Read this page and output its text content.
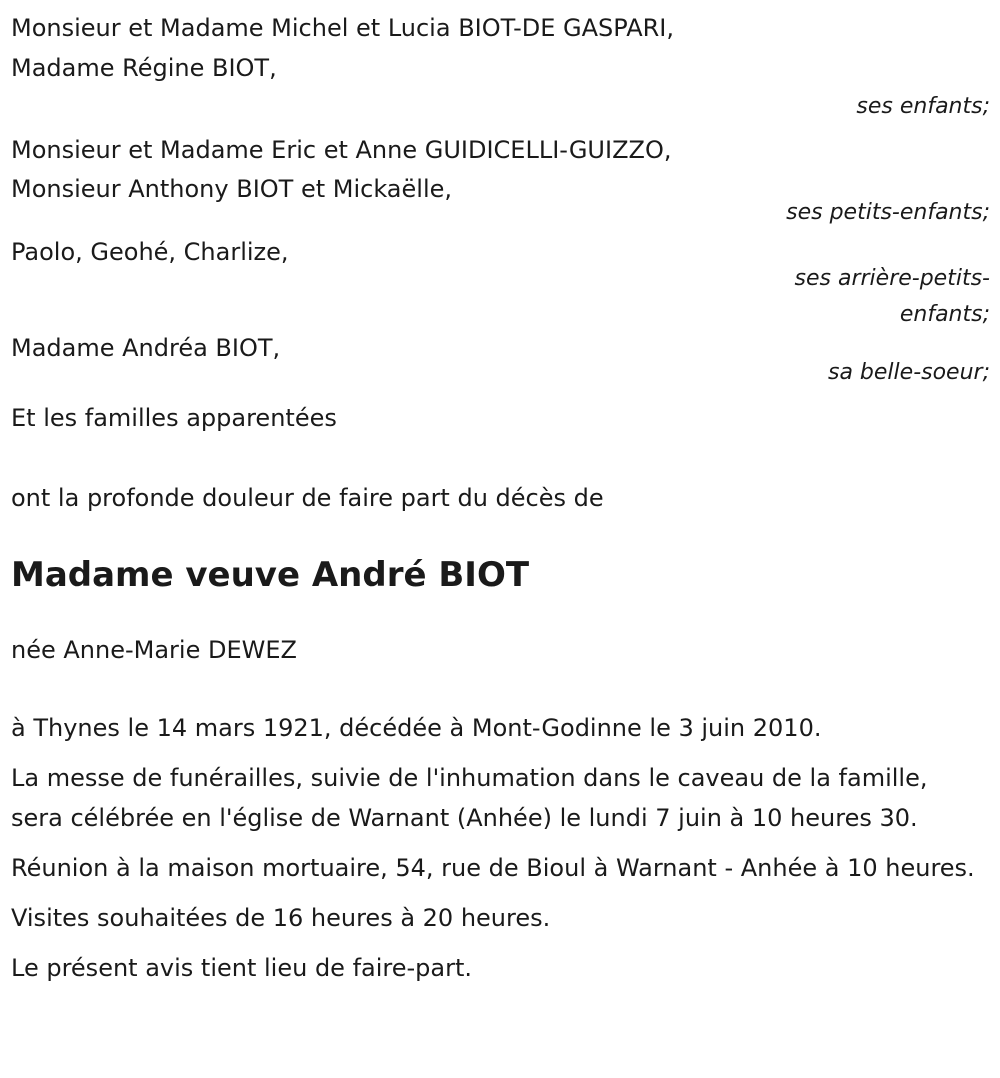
Monsieur et Madame Michel et Lucia BIOT-DE GASPARI,
Madame Régine BIOT,
ses enfants;
Monsieur et Madame Eric et Anne GUIDICELLI-GUIZZO,
Monsieur Anthony BIOT et Mickaëlle,
ses petits-enfants;
Paolo, Geohé, Charlize,
ses arrière-petits-
enfants;
Madame Andréa BIOT,
sa belle-soeur;
Et les familles apparentées
ont la profonde douleur de faire part du décès de
Madame veuve André BIOT
née Anne-Marie DEWEZ

à Thynes le 14 mars 1921, décédée à Mont-Godinne le 3 juin 2010.

La messe de funérailles, suivie de l'inhumation dans le caveau de la famille, sera célébrée en l'église de Warnant (Anhée) le lundi 7 juin à 10 heures 30.

Réunion à la maison mortuaire, 54, rue de Bioul à Warnant - Anhée à 10 heures.

Visites souhaitées de 16 heures à 20 heures.

Le présent avis tient lieu de faire-part.
